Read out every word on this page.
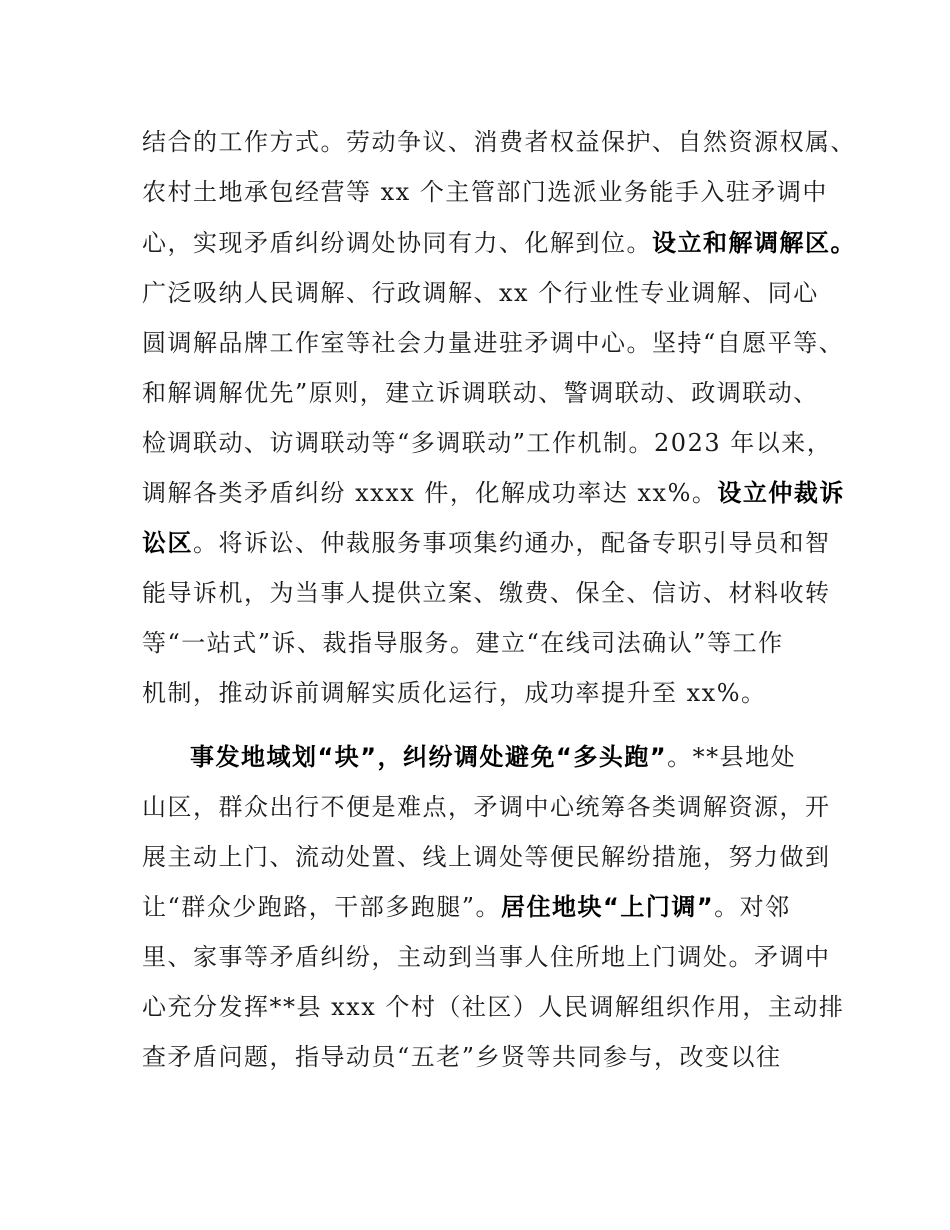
结合的工作方式。劳动争议、消费者权益保护、自然资源权属、
农村土地承包经营等 xx 个主管部门选派业务能手入驻矛调中
心，实现矛盾纠纷调处协同有力、化解到位。设立和解调解区。
广泛吸纳人民调解、行政调解、xx 个行业性专业调解、同心
圆调解品牌工作室等社会力量进驻矛调中心。坚持“自愿平等、
和解调解优先”原则，建立诉调联动、警调联动、政调联动、
检调联动、访调联动等“多调联动”工作机制。2023 年以来，
调解各类矛盾纠纷 xxxx 件，化解成功率达 xx%。设立仲裁诉
讼区。将诉讼、仲裁服务事项集约通办，配备专职引导员和智
能导诉机，为当事人提供立案、缴费、保全、信访、材料收转
等“一站式”诉、裁指导服务。建立“在线司法确认”等工作
机制，推动诉前调解实质化运行，成功率提升至 xx%。
事发地域划“块”，纠纷调处避免“多头跑”。**县地处
山区，群众出行不便是难点，矛调中心统筹各类调解资源，开
展主动上门、流动处置、线上调处等便民解纷措施，努力做到
让“群众少跑路，干部多跑腿”。居住地块“上门调”。对邻
里、家事等矛盾纠纷，主动到当事人住所地上门调处。矛调中
心充分发挥**县 xxx 个村（社区）人民调解组织作用，主动排
查矛盾问题，指导动员“五老”乡贤等共同参与，改变以往
